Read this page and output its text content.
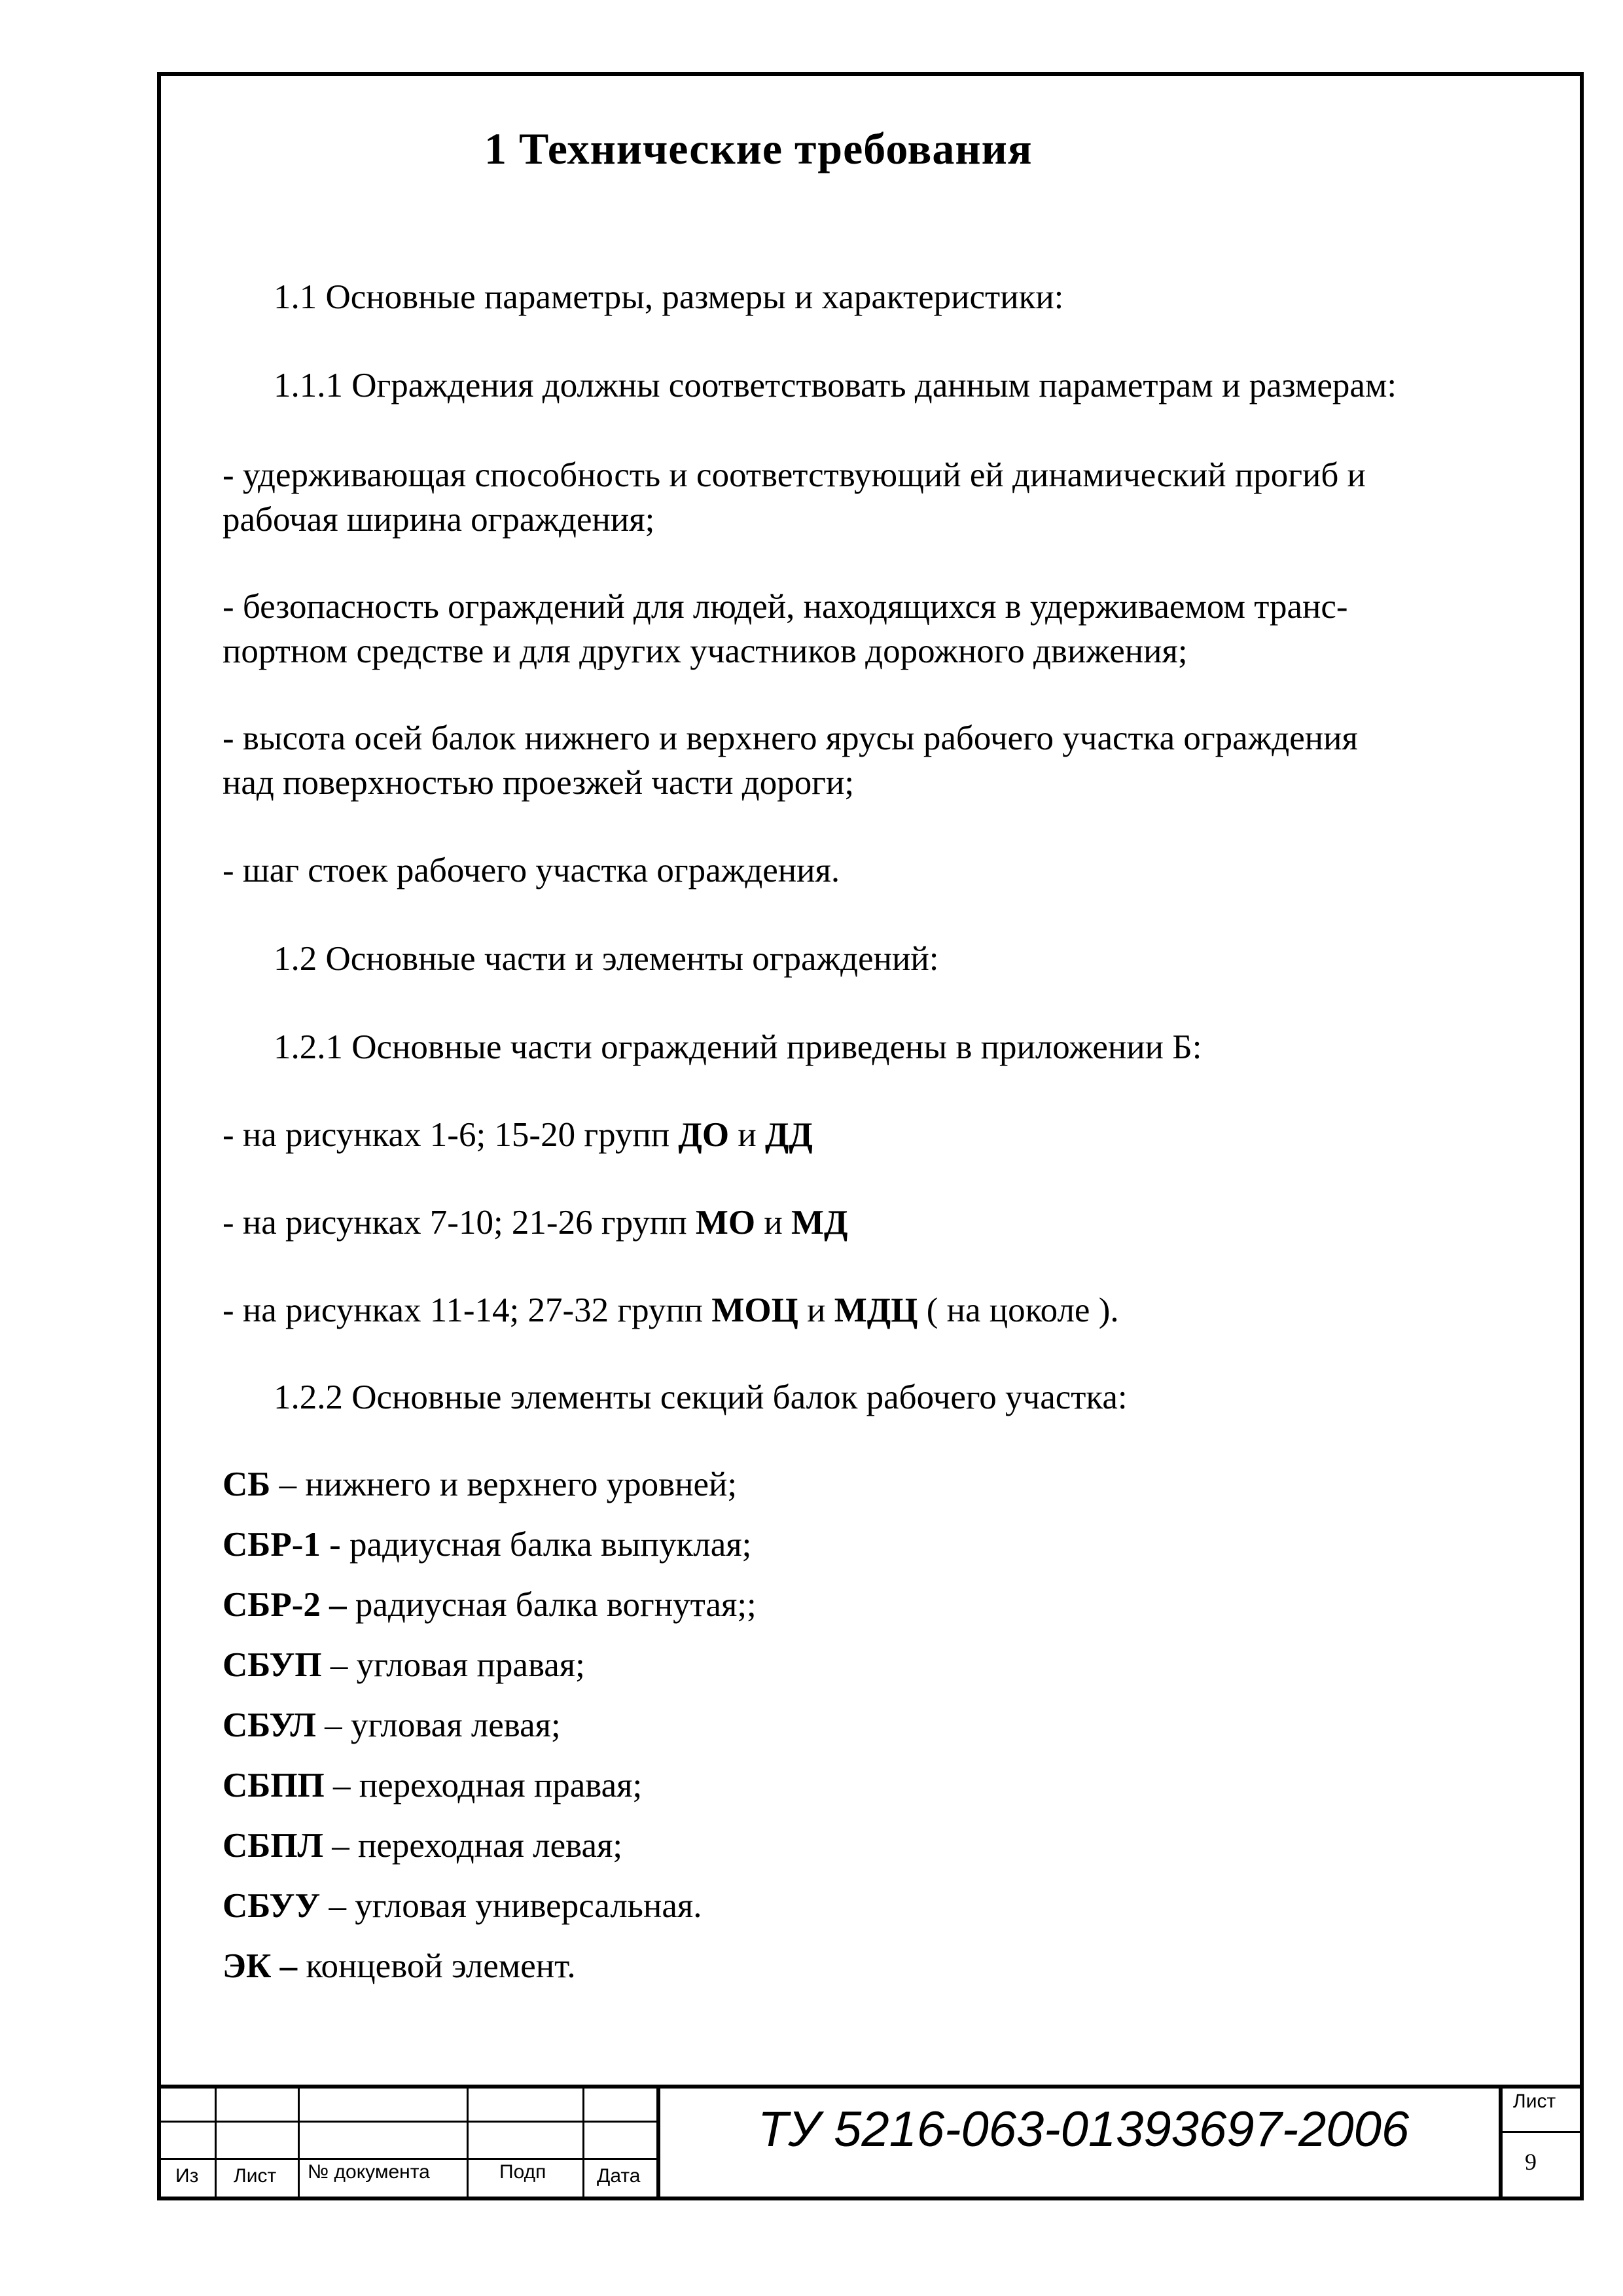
1 Технические требования
1.1 Основные параметры, размеры и характеристики:
1.1.1 Ограждения должны соответствовать данным параметрам и размерам:
- удерживающая способность и соответствующий ей динамический прогиб и
рабочая ширина ограждения;
- безопасность ограждений для людей, находящихся в удерживаемом транс-
портном средстве и для других участников дорожного движения;
- высота осей балок нижнего и верхнего ярусы рабочего участка ограждения
над поверхностью проезжей части дороги;
- шаг стоек рабочего участка ограждения.
1.2 Основные части и элементы ограждений:
1.2.1 Основные части ограждений приведены в приложении Б:
- на рисунках 1-6; 15-20 групп ДО и ДД
- на рисунках 7-10; 21-26 групп МО и МД
- на рисунках 11-14; 27-32 групп МОЦ и МДЦ ( на цоколе ).
1.2.2 Основные элементы секций балок рабочего участка:
СБ – нижнего и верхнего уровней;
СБР-1 - радиусная балка выпуклая;
СБР-2 – радиусная балка вогнутая;;
СБУП – угловая правая;
СБУЛ – угловая левая;
СБПП – переходная правая;
СБПЛ – переходная левая;
СБУУ – угловая универсальная.
ЭК – концевой элемент.
Из Лист № документа	Подп	Дата
ТУ 5216-063-01393697-2006
Лист
9
